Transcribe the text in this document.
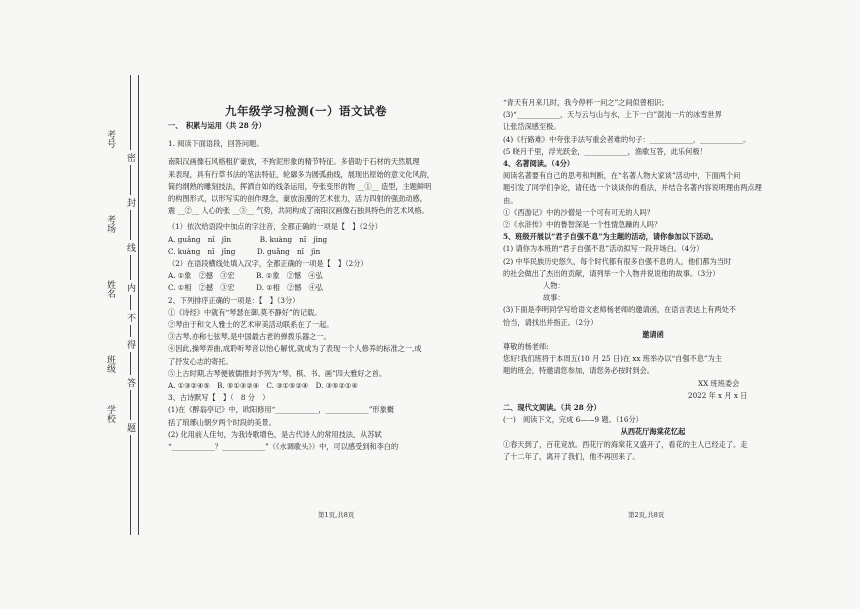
考号
考场
姓名
班级
学校
密
封
线
内
不
得
答
题
九年级学习检测(一）语文试卷
一、　积累与运用（共 28 分）
1. 阅读下面语段，回答问题。
南阳汉画像石风格粗犷豪放，不拘泥形象的精节特征。多借助于石材的天然肌理
来表现，具有行草书法的笔法特征，轮廓多为圆弧曲线，展现出原始的意文化风韵，
简约纲熟的雕刻技法，挥洒自如的线条运用，夸张变形的物 __①__ 造型，主题鲜明
的构图形式，以形写实的创作理念，豪放浪漫的艺术张力，活力四射的强劲动感，
震 __②__ 人心的张 __③__ 气势，共同构成了南阳汉画像石独具特色的艺术风格。
（1）依次给语段中加点的字注音，全都正确的一项是【　】（2分）
A. guǎng　nǐ　jǐn　　　　B. kuàng　nǐ　jìng
C. kuàng　nǐ　jǐng　　　D. guǎng　nǐ　jìn
（2）在语段横线处填入汉字，全都正确的一项是【　】（2分）
A. ①象　②撼　③宏　　　B. ①象　②憾　④弘
C. ①相　②撼　③宏　　　D. ①相　②憾　④弘
2、下列排序正确的一项是：【　】（3分）
①《诗经》中就有“琴瑟在御,莫不静好”的记载。
②琴由于和文人雅士的艺术审美活动联系在了一起。
③古琴,亦称七弦琴,是中国最古老的弹拨乐器之一。
④因此,操琴弄曲,成聆听琴音以怡心解忧,就成为了表现一个人修养的标准之一,成
了抒发心志的寄托。
⑤上古时期,古琴便被儒推封予列为“琴、棋、书、画”四大雅好之首。
A. ①③②④⑤　B. ⑤①③②④　C. ③①⑤②④　D. ③⑤②①④
3、古诗默写【　】（　8 分　）
(1)在《醉翁亭记》中，欧阳修用“____________，____________”形象概
括了琅琊山朝夕两个时段的美景。
(2) 化用前人佳句，为我诗歌增色，是古代诗人的常用技法，从苏轼
“____________？____________”（《水调歌头》）中，可以感受到和李白的
“青天有月来几时，我今停杯一问之”之间似曾相识；
(3)“____________，天与云与山与水，上下一白”混沌一片的冰雪世界
让张岱深感至极。
(4)《行路难》中夸张手法写重会者难的句子：____________，____________。
(5 晓月千里，浮光跃金，____________，渔歌互答，此乐何极！
4、名著阅读。（4分）
阅读名著要有自己的思考和判断，在“名著人物大家谈”活动中，下面两个问
题引发了同学们争论，请任选一个谈谈你的看法，并结合名著内容说明理由两点理
由。
①《西游记》中的沙僧是一个可有可无的人吗？
②《水浒传》中的鲁智深是一个性情急躁的人吗？
5、班级开展以“君子自强不息”为主题的活动，请你参加以下活动。
(1) 请你为本班的“君子自强不息”活动拟写一段开场白。（4分）
(2) 中华民族历史悠久，每个时代都有很多自强不息的人，他们都为当时
的社会做出了杰出的贡献，请列举一个人物并说说他的故事。（3分）
人物：
故事：
(3)下面是李明同学写给语文老师杨老师的邀请函，在语言表达上有两处不
恰当，请找出并指正。（2分）
邀请函
尊敬的杨老师:
您好!我们班将于本周五(10 月 25 日)在 xx 班举办以“自强不息”为主
题的班会，特邀请您参加，请您务必按时到会。
XX 班班委会
2022 年 x 月 x 日
二、现代文阅读。（共 28 分）
(一)　阅读下文，完成 6——9 题。（16分）
从西花厅海棠花忆起
①春天到了，百花竞放。西花厅的海棠花又盛开了，看花的主人已经走了。走
了十二年了，离开了我们，他不再回来了。
第1页,共8页	第2页,共8页
